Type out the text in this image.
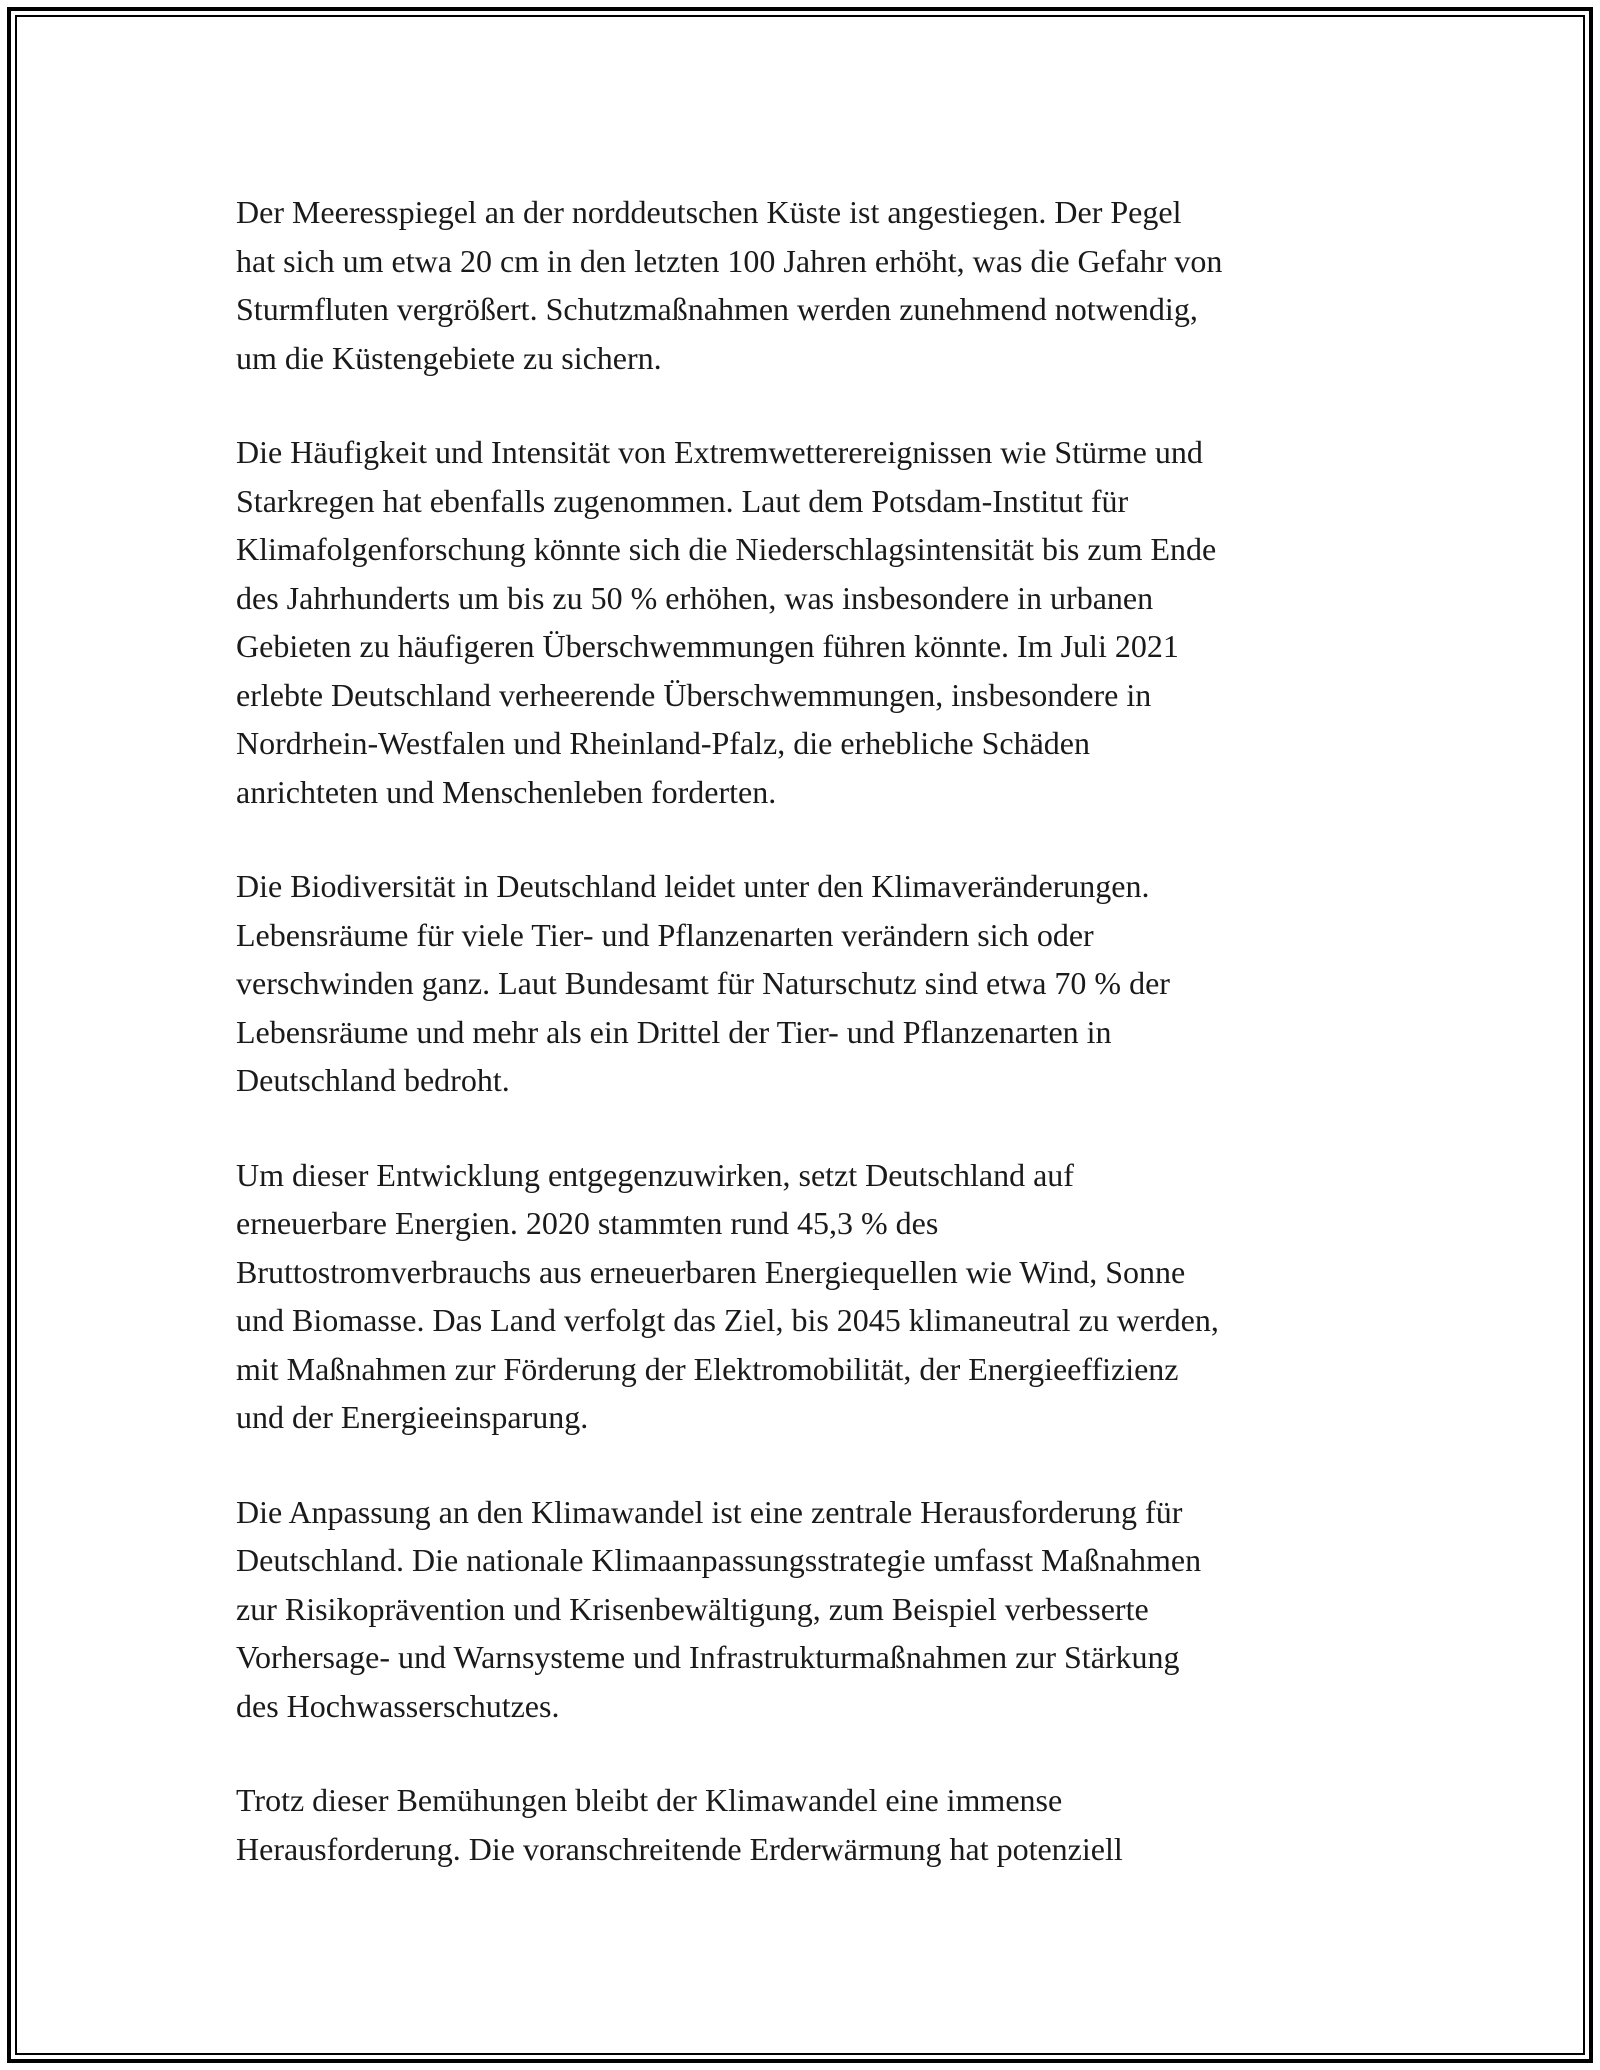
Der Meeresspiegel an der norddeutschen Küste ist angestiegen. Der Pegel
hat sich um etwa 20 cm in den letzten 100 Jahren erhöht, was die Gefahr von
Sturmfluten vergrößert. Schutzmaßnahmen werden zunehmend notwendig,
um die Küstengebiete zu sichern.

Die Häufigkeit und Intensität von Extremwetterereignissen wie Stürme und
Starkregen hat ebenfalls zugenommen. Laut dem Potsdam-Institut für
Klimafolgenforschung könnte sich die Niederschlagsintensität bis zum Ende
des Jahrhunderts um bis zu 50 % erhöhen, was insbesondere in urbanen
Gebieten zu häufigeren Überschwemmungen führen könnte. Im Juli 2021
erlebte Deutschland verheerende Überschwemmungen, insbesondere in
Nordrhein-Westfalen und Rheinland-Pfalz, die erhebliche Schäden
anrichteten und Menschenleben forderten.

Die Biodiversität in Deutschland leidet unter den Klimaveränderungen.
Lebensräume für viele Tier- und Pflanzenarten verändern sich oder
verschwinden ganz. Laut Bundesamt für Naturschutz sind etwa 70 % der
Lebensräume und mehr als ein Drittel der Tier- und Pflanzenarten in
Deutschland bedroht.

Um dieser Entwicklung entgegenzuwirken, setzt Deutschland auf
erneuerbare Energien. 2020 stammten rund 45,3 % des
Bruttostromverbrauchs aus erneuerbaren Energiequellen wie Wind, Sonne
und Biomasse. Das Land verfolgt das Ziel, bis 2045 klimaneutral zu werden,
mit Maßnahmen zur Förderung der Elektromobilität, der Energieeffizienz
und der Energieeinsparung.

Die Anpassung an den Klimawandel ist eine zentrale Herausforderung für
Deutschland. Die nationale Klimaanpassungsstrategie umfasst Maßnahmen
zur Risikoprävention und Krisenbewältigung, zum Beispiel verbesserte
Vorhersage- und Warnsysteme und Infrastrukturmaßnahmen zur Stärkung
des Hochwasserschutzes.

Trotz dieser Bemühungen bleibt der Klimawandel eine immense
Herausforderung. Die voranschreitende Erderwärmung hat potenziell
